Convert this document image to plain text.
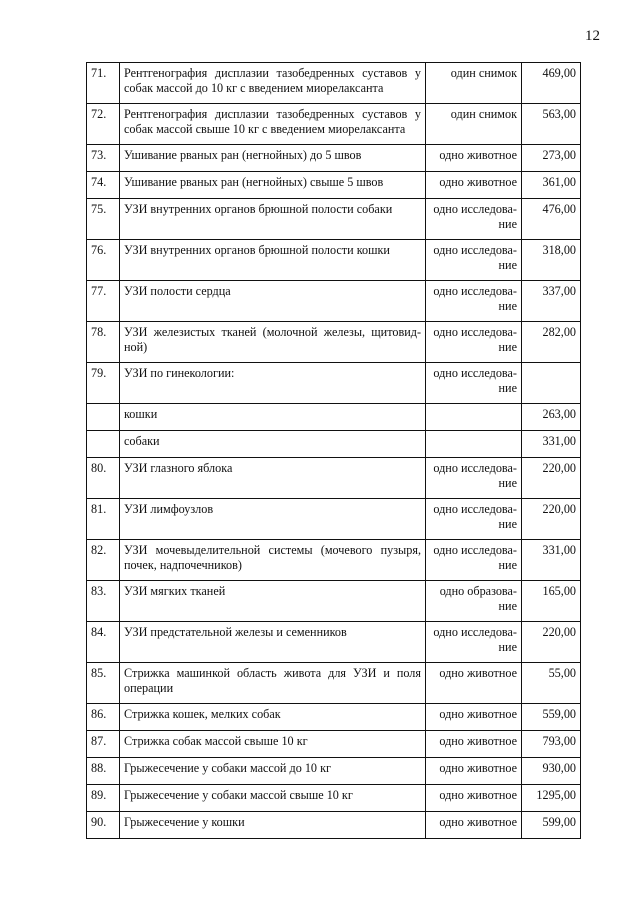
12
71.	Рентгенография дисплазии тазобедренных суставов у собак массой до 10 кг с введением миорелаксанта	один снимок	469,00
72.	Рентгенография дисплазии тазобедренных суставов у собак массой свыше 10 кг с введением миорелаксанта	один снимок	563,00
73.	Ушивание рваных ран (негнойных) до 5 швов	одно животное	273,00
74.	Ушивание рваных ран (негнойных) свыше 5 швов	одно животное	361,00
75.	УЗИ внутренних органов брюшной полости собаки	одно исследова- ние	476,00
76.	УЗИ внутренних органов брюшной полости кошки	одно исследова- ние	318,00
77.	УЗИ полости сердца	одно исследова- ние	337,00
78.	УЗИ железистых тканей (молочной железы, щитовид- ной)	одно исследова- ние	282,00
79.	УЗИ по гинекологии:	одно исследова- ние	
	кошки		263,00
	собаки		331,00
80.	УЗИ глазного яблока	одно исследова- ние	220,00
81.	УЗИ лимфоузлов	одно исследова- ние	220,00
82.	УЗИ мочевыделительной системы (мочевого пузыря, почек, надпочечников)	одно исследова- ние	331,00
83.	УЗИ мягких тканей	одно образова- ние	165,00
84.	УЗИ предстательной железы и семенников	одно исследова- ние	220,00
85.	Стрижка машинкой область живота для УЗИ и поля операции	одно животное	55,00
86.	Стрижка кошек, мелких собак	одно животное	559,00
87.	Стрижка собак массой свыше 10 кг	одно животное	793,00
88.	Грыжесечение у собаки массой до 10 кг	одно животное	930,00
89.	Грыжесечение у собаки массой свыше 10 кг	одно животное	1295,00
90.	Грыжесечение у кошки	одно животное	599,00
